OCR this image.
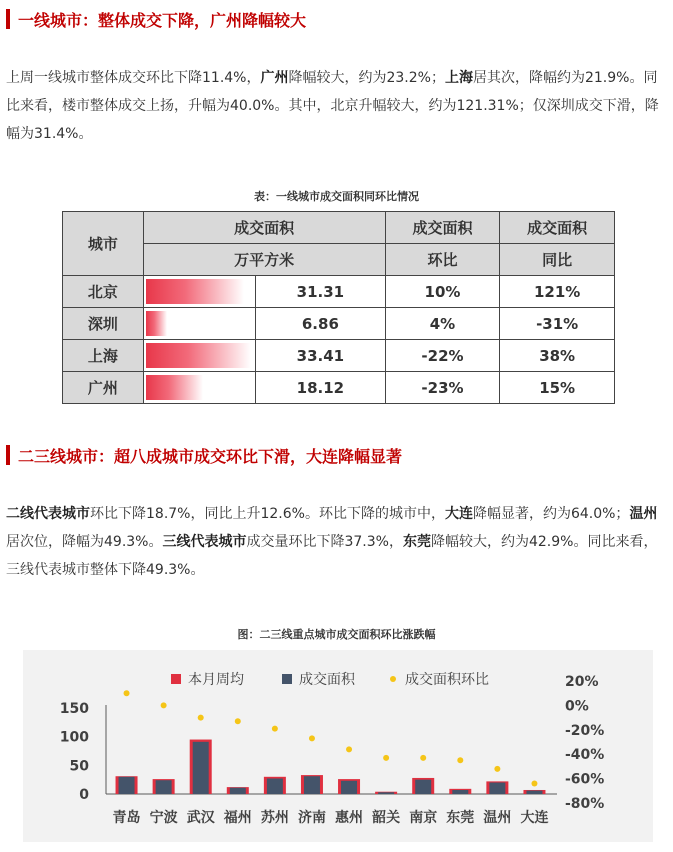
一线城市：整体成交下降，广州降幅较大
上周一线城市整体成交环比下降11.4%，广州降幅较大，约为23.2%；上海居其次，降幅约为21.9%。同比来看，楼市整体成交上扬，升幅为40.0%。其中，北京升幅较大，约为121.31%；仅深圳成交下滑，降幅为31.4%。
表：一线城市成交面积同环比情况
城市	成交面积		成交面积	成交面积
	万平方米		环比	同比
北京		31.31	10%	121%
深圳		6.86	4%	-31%
上海		33.41	-22%	38%
广州		18.12	-23%	15%
二三线城市：超八成城市成交环比下滑，大连降幅显著
二线代表城市环比下降18.7%，同比上升12.6%。环比下降的城市中，大连降幅显著，约为64.0%；温州居次位，降幅为49.3%。三线代表城市成交量环比下降37.3%，东莞降幅较大，约为42.9%。同比来看，三线代表城市整体下降49.3%。
图：二三线重点城市成交面积环比涨跌幅
0
50
100
150
20%
0%
-20%
-40%
-60%
-80%
青岛 宁波 武汉 福州 苏州 济南 惠州 韶关 南京 东莞 温州 大连
本月周均	成交面积	成交面积环比
